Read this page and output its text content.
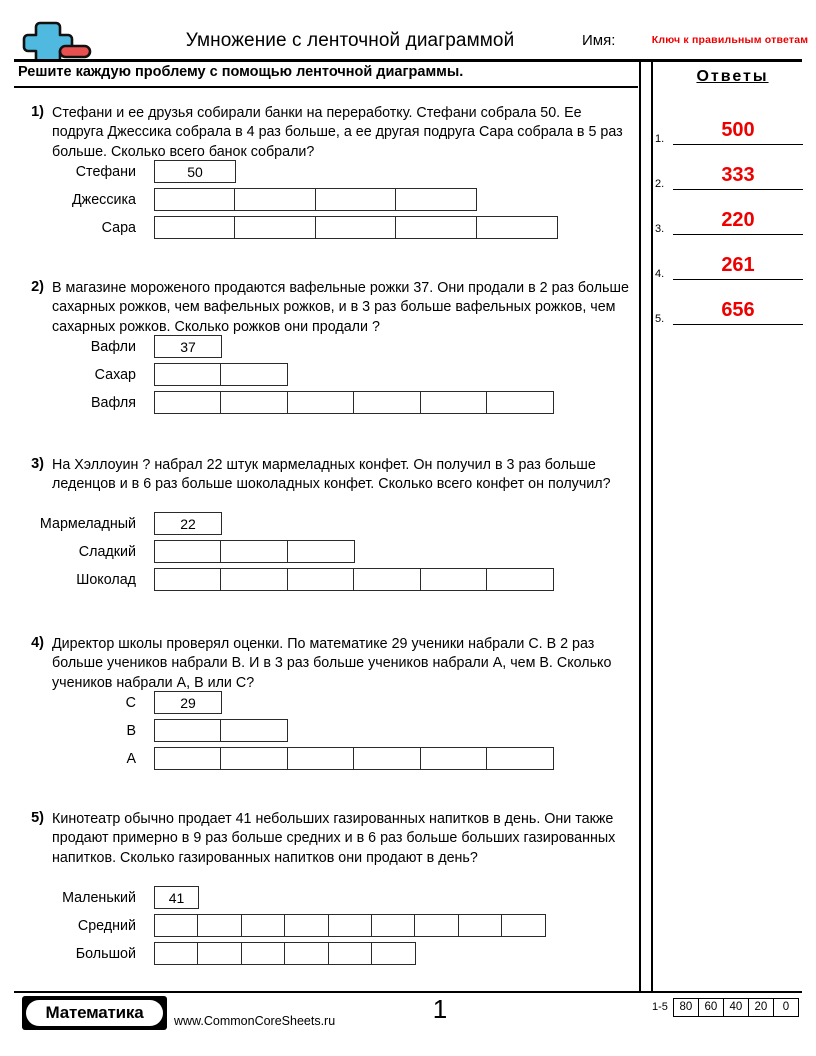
Умножение с ленточной диаграммой	Имя:	Ключ к правильным ответам
Решите каждую проблему с помощью ленточной диаграммы.	Ответы
1.	500
2.	333
3.	220
4.	261
5.	656
1) Стефани и ее друзья собирали банки на переработку. Стефани собрала 50. Ее подруга Джессика собрала в 4 раз больше, а ее другая подруга Сара собрала в 5 раз больше. Сколько всего банок собрали?
Стефани	50
Джессика
Сара
2) В магазине мороженого продаются вафельные рожки 37. Они продали в 2 раз больше сахарных рожков, чем вафельных рожков, и в 3 раз больше вафельных рожков, чем сахарных рожков. Сколько рожков они продали ?
Вафли	37
Сахар
Вафля
3) На Хэллоуин ? набрал 22 штук мармеладных конфет. Он получил в 3 раз больше леденцов и в 6 раз больше шоколадных конфет. Сколько всего конфет он получил?
Мармеладный	22
Сладкий
Шоколад
4) Директор школы проверял оценки. По математике 29 ученики набрали C. В 2 раз больше учеников набрали B. И в 3 раз больше учеников набрали A, чем B. Сколько учеников набрали A, B или C?
C	29
B
A
5) Кинотеатр обычно продает 41 небольших газированных напитков в день. Они также продают примерно в 9 раз больше средних и в 6 раз больше больших газированных напитков. Сколько газированных напитков они продают в день?
Маленький	41
Средний
Большой
Математика	www.CommonCoreSheets.ru	1	1-5	80	60	40	20	0
